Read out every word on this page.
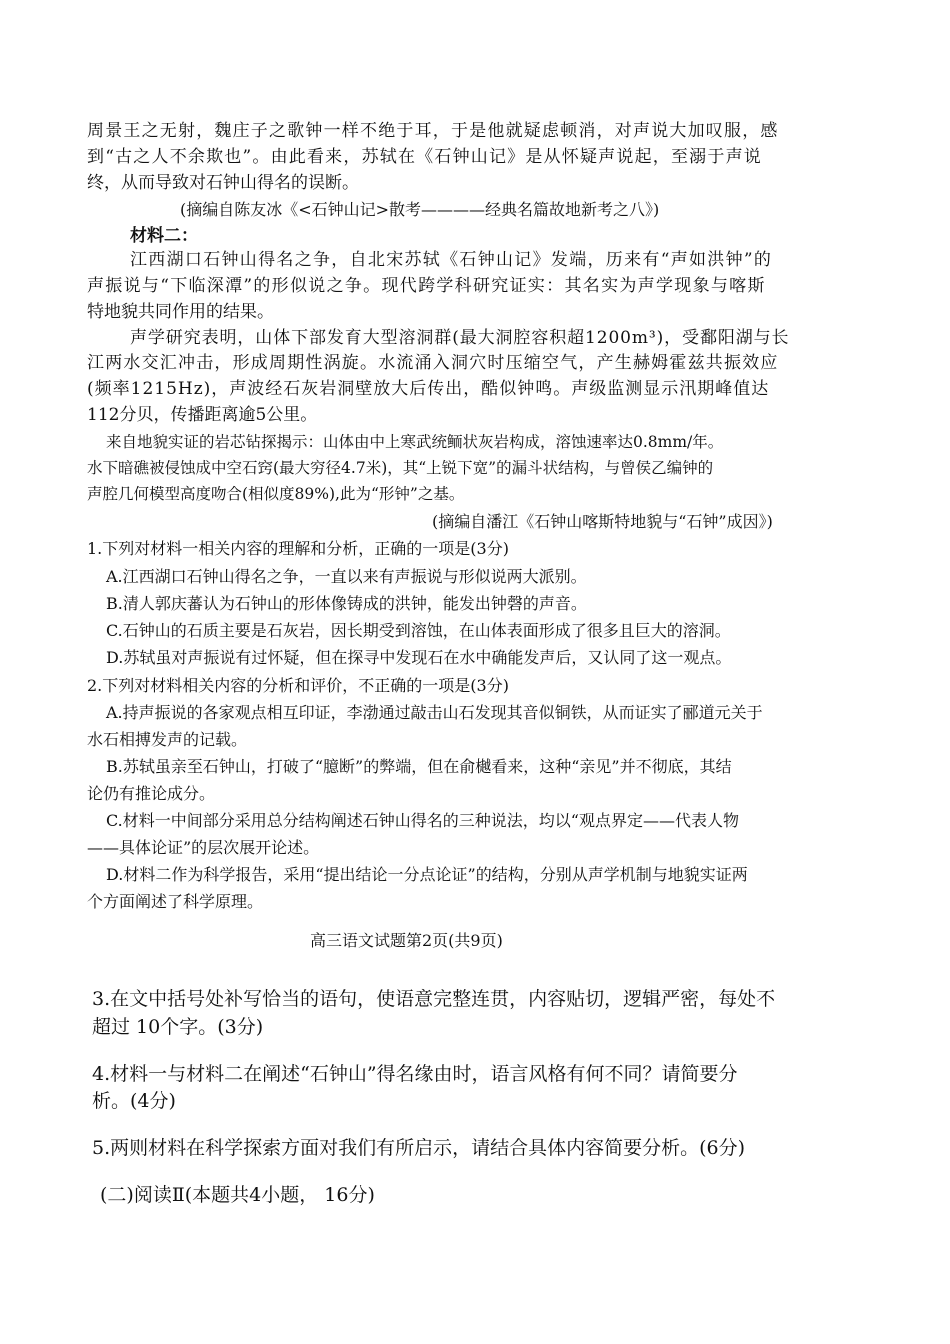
周景王之无射，魏庄子之歌钟一样不绝于耳，于是他就疑虑顿消，对声说大加叹服，感
到“古之人不余欺也”。由此看来，苏轼在《石钟山记》是从怀疑声说起，至溺于声说
终，从而导致对石钟山得名的误断。
(摘编自陈友冰《<石钟山记>散考————经典名篇故地新考之八》)
材料二：
江西湖口石钟山得名之争，自北宋苏轼《石钟山记》发端，历来有“声如洪钟”的
声振说与“下临深潭”的形似说之争。现代跨学科研究证实：其名实为声学现象与喀斯
特地貌共同作用的结果。
声学研究表明，山体下部发育大型溶洞群(最大洞腔容积超1200m³)，受鄱阳湖与长
江两水交汇冲击，形成周期性涡旋。水流涌入洞穴时压缩空气，产生赫姆霍兹共振效应
(频率1215Hz)，声波经石灰岩洞壁放大后传出，酷似钟鸣。声级监测显示汛期峰值达
112分贝，传播距离逾5公里。
来自地貌实证的岩芯钻探揭示：山体由中上寒武统鲕状灰岩构成，溶蚀速率达0.8mm/年。
水下暗礁被侵蚀成中空石窍(最大穷径4.7米)，其“上锐下宽”的漏斗状结构，与曾侯乙编钟的
声腔几何模型高度吻合(相似度89%),此为“形钟”之基。
(摘编自潘江《石钟山喀斯特地貌与“石钟”成因》)
1.下列对材料一相关内容的理解和分析，正确的一项是(3分)
A.江西湖口石钟山得名之争，一直以来有声振说与形似说两大派别。
B.清人郭庆蕃认为石钟山的形体像铸成的洪钟，能发出钟磬的声音。
C.石钟山的石质主要是石灰岩，因长期受到溶蚀，在山体表面形成了很多且巨大的溶洞。
D.苏轼虽对声振说有过怀疑，但在探寻中发现石在水中确能发声后，又认同了这一观点。
2.下列对材料相关内容的分析和评价，不正确的一项是(3分)
A.持声振说的各家观点相互印证，李渤通过敲击山石发现其音似铜铁，从而证实了郦道元关于
水石相搏发声的记载。
B.苏轼虽亲至石钟山，打破了“臆断”的弊端，但在俞樾看来，这种“亲见”并不彻底，其结
论仍有推论成分。
C.材料一中间部分采用总分结构阐述石钟山得名的三种说法，均以“观点界定——代表人物
——具体论证”的层次展开论述。
D.材料二作为科学报告，采用“提出结论一分点论证”的结构，分别从声学机制与地貌实证两
个方面阐述了科学原理。
高三语文试题第2页(共9页)
3.在文中括号处补写恰当的语句，使语意完整连贯，内容贴切，逻辑严密，每处不
超过 10个字。(3分)
4.材料一与材料二在阐述“石钟山”得名缘由时，语言风格有何不同？请简要分
析。(4分)
5.两则材料在科学探索方面对我们有所启示，请结合具体内容简要分析。(6分)
(二)阅读Ⅱ(本题共4小题， 16分)
